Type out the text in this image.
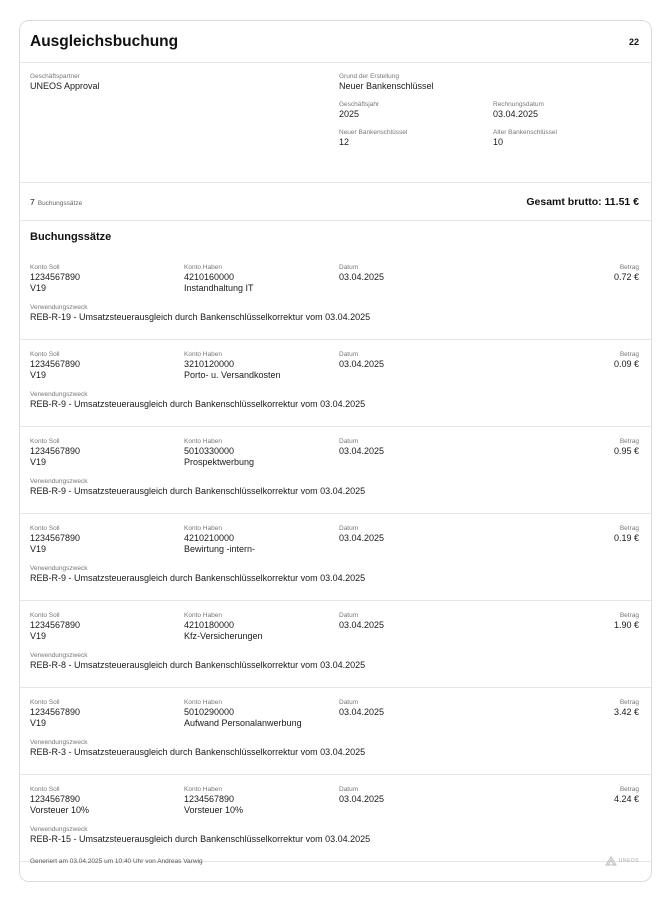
Ausgleichsbuchung	22
Geschäftspartner
UNEOS Approval
Grund der Erstellung
Neuer Bankenschlüssel
Geschäftsjahr
2025
Rechnungsdatum
03.04.2025
Neuer Bankenschlüssel
12
Alter Bankenschlüssel
10
7 Buchungssätze	Gesamt brutto: 11.51 €
Buchungssätze
Konto Soll
1234567890
V19
Konto Haben
4210160000
Instandhaltung IT
Datum
03.04.2025
Betrag
0.72 €
Verwendungszweck
REB-R-19 - Umsatzsteuerausgleich durch Bankenschlüsselkorrektur vom 03.04.2025
Konto Soll
1234567890
V19
Konto Haben
3210120000
Porto- u. Versandkosten
Datum
03.04.2025
Betrag
0.09 €
Verwendungszweck
REB-R-9 - Umsatzsteuerausgleich durch Bankenschlüsselkorrektur vom 03.04.2025
Konto Soll
1234567890
V19
Konto Haben
5010330000
Prospektwerbung
Datum
03.04.2025
Betrag
0.95 €
Verwendungszweck
REB-R-9 - Umsatzsteuerausgleich durch Bankenschlüsselkorrektur vom 03.04.2025
Konto Soll
1234567890
V19
Konto Haben
4210210000
Bewirtung -intern-
Datum
03.04.2025
Betrag
0.19 €
Verwendungszweck
REB-R-9 - Umsatzsteuerausgleich durch Bankenschlüsselkorrektur vom 03.04.2025
Konto Soll
1234567890
V19
Konto Haben
4210180000
Kfz-Versicherungen
Datum
03.04.2025
Betrag
1.90 €
Verwendungszweck
REB-R-8 - Umsatzsteuerausgleich durch Bankenschlüsselkorrektur vom 03.04.2025
Konto Soll
1234567890
V19
Konto Haben
5010290000
Aufwand Personalanwerbung
Datum
03.04.2025
Betrag
3.42 €
Verwendungszweck
REB-R-3 - Umsatzsteuerausgleich durch Bankenschlüsselkorrektur vom 03.04.2025
Konto Soll
1234567890
Vorsteuer 10%
Konto Haben
1234567890
Vorsteuer 10%
Datum
03.04.2025
Betrag
4.24 €
Verwendungszweck
REB-R-15 - Umsatzsteuerausgleich durch Bankenschlüsselkorrektur vom 03.04.2025
Generiert am 03.04.2025 um 10:40 Uhr von Andreas Varwig	UNEOS
